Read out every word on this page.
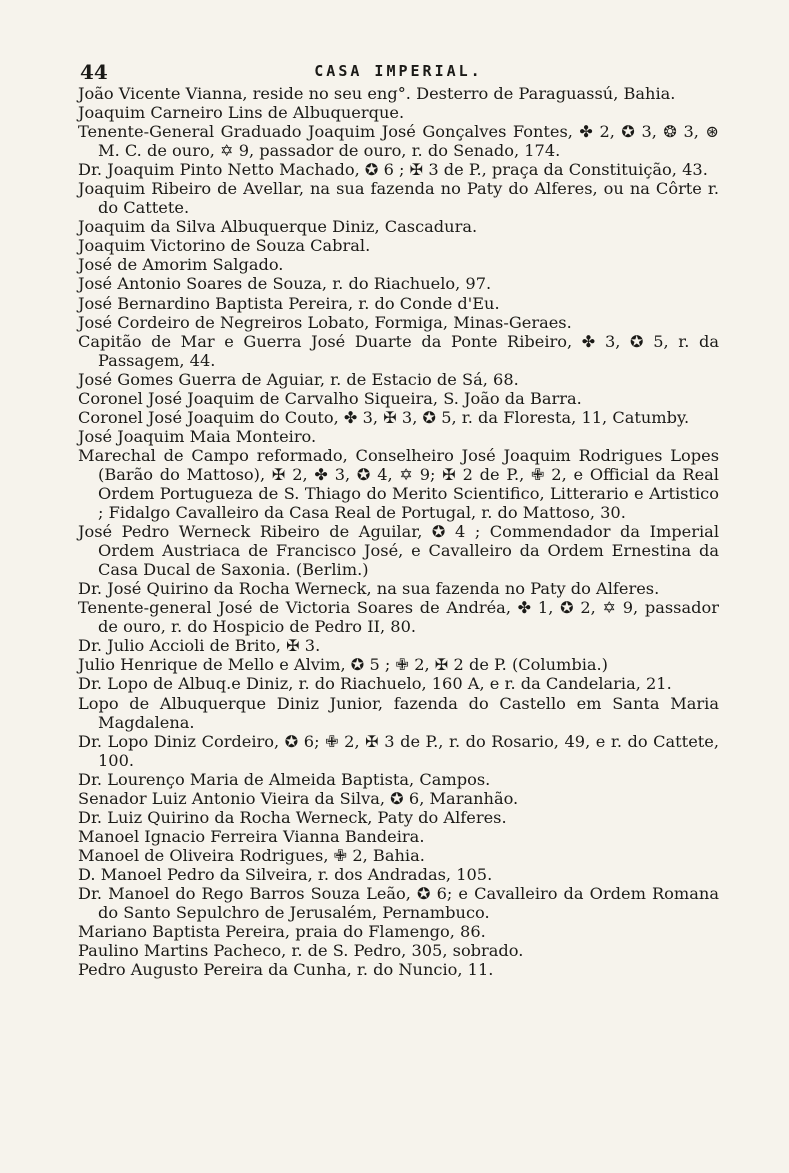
44	CASA IMPERIAL.
João Vicente Vianna, reside no seu eng°. Desterro de Paraguassú, Bahia.
Joaquim Carneiro Lins de Albuquerque.
Tenente-General Graduado Joaquim José Gonçalves Fontes, ✤ 2, ✪ 3, ❂ 3, ⊛ M. C. de ouro, ✡ 9, passador de ouro, r. do Senado, 174.
Dr. Joaquim Pinto Netto Machado, ✪ 6 ; ✠ 3 de P., praça da Constituição, 43.
Joaquim Ribeiro de Avellar, na sua fazenda no Paty do Alferes, ou na Côrte r. do Cattete.
Joaquim da Silva Albuquerque Diniz, Cascadura.
Joaquim Victorino de Souza Cabral.
José de Amorim Salgado.
José Antonio Soares de Souza, r. do Riachuelo, 97.
José Bernardino Baptista Pereira, r. do Conde d'Eu.
José Cordeiro de Negreiros Lobato, Formiga, Minas-Geraes.
Capitão de Mar e Guerra José Duarte da Ponte Ribeiro, ✤ 3, ✪ 5, r. da Passagem, 44.
José Gomes Guerra de Aguiar, r. de Estacio de Sá, 68.
Coronel José Joaquim de Carvalho Siqueira, S. João da Barra.
Coronel José Joaquim do Couto, ✤ 3, ✠ 3, ✪ 5, r. da Floresta, 11, Catumby.
José Joaquim Maia Monteiro.
Marechal de Campo reformado, Conselheiro José Joaquim Rodrigues Lopes (Barão do Mattoso), ✠ 2, ✤ 3, ✪ 4, ✡ 9; ✠ 2 de P., ✙ 2, e Official da Real Ordem Portugueza de S. Thiago do Merito Scientifico, Litterario e Artistico ; Fidalgo Cavalleiro da Casa Real de Portugal, r. do Mattoso, 30.
José Pedro Werneck Ribeiro de Aguilar, ✪ 4 ; Commendador da Imperial Ordem Austriaca de Francisco José, e Cavalleiro da Ordem Ernestina da Casa Ducal de Saxonia. (Berlim.)
Dr. José Quirino da Rocha Werneck, na sua fazenda no Paty do Alferes.
Tenente-general José de Victoria Soares de Andréa, ✤ 1, ✪ 2, ✡ 9, passador de ouro, r. do Hospicio de Pedro II, 80.
Dr. Julio Accioli de Brito, ✠ 3.
Julio Henrique de Mello e Alvim, ✪ 5 ; ✙ 2, ✠ 2 de P. (Columbia.)
Dr. Lopo de Albuq.e Diniz, r. do Riachuelo, 160 A, e r. da Candelaria, 21.
Lopo de Albuquerque Diniz Junior, fazenda do Castello em Santa Maria Magdalena.
Dr. Lopo Diniz Cordeiro, ✪ 6; ✙ 2, ✠ 3 de P., r. do Rosario, 49, e r. do Cattete, 100.
Dr. Lourenço Maria de Almeida Baptista, Campos.
Senador Luiz Antonio Vieira da Silva, ✪ 6, Maranhão.
Dr. Luiz Quirino da Rocha Werneck, Paty do Alferes.
Manoel Ignacio Ferreira Vianna Bandeira.
Manoel de Oliveira Rodrigues, ✙ 2, Bahia.
D. Manoel Pedro da Silveira, r. dos Andradas, 105.
Dr. Manoel do Rego Barros Souza Leão, ✪ 6; e Cavalleiro da Ordem Romana do Santo Sepulchro de Jerusalém, Pernambuco.
Mariano Baptista Pereira, praia do Flamengo, 86.
Paulino Martins Pacheco, r. de S. Pedro, 305, sobrado.
Pedro Augusto Pereira da Cunha, r. do Nuncio, 11.
